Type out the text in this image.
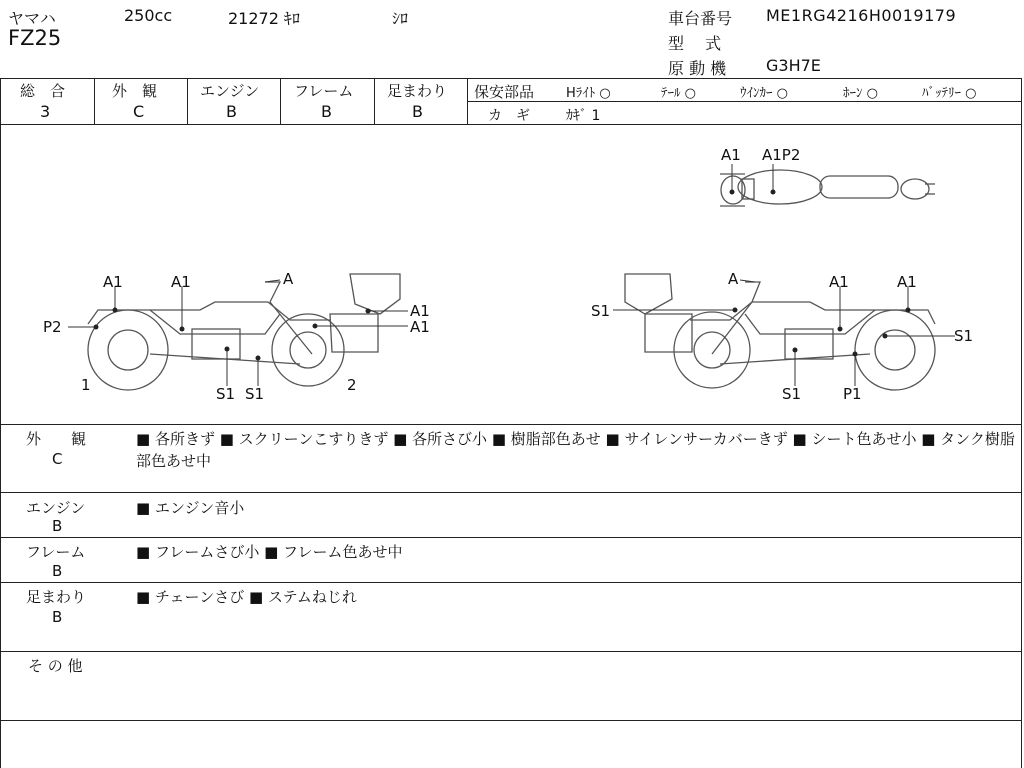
ヤマハ	250cc	21272 ｷﾛ	ｼﾛ
FZ25
車台番号 ME1RG4216H0019179
型　 式
原 動 機 G3H7E
総　合
3
外　観
C
エンジン
B
フレーム
B
足まわり
B
保安部品 Hﾗｲﾄ ○	ﾃｰﾙ ○	ｳｲﾝｶｰ ○	ﾎｰﾝ ○	ﾊﾞｯﾃﾘｰ ○
カ　ギ	ｶｷﾞ 1
A1 A1P2
A1	A1	A
P2
A1
A1
1	S1 S1	2
A	A1	A1
S1
S1
S1	P1
外　　観
C
■ 各所きず ■ スクリーンこすりきず ■ 各所さび小 ■ 樹脂部色あせ ■ サイレンサーカバーきず ■ シート色あせ小 ■ タンク樹脂部色あせ中
エンジン
B
■ エンジン音小
フレーム
B
■ フレームさび小 ■ フレーム色あせ中
足まわり
B
■ チェーンさび ■ ステムねじれ
そ の 他
